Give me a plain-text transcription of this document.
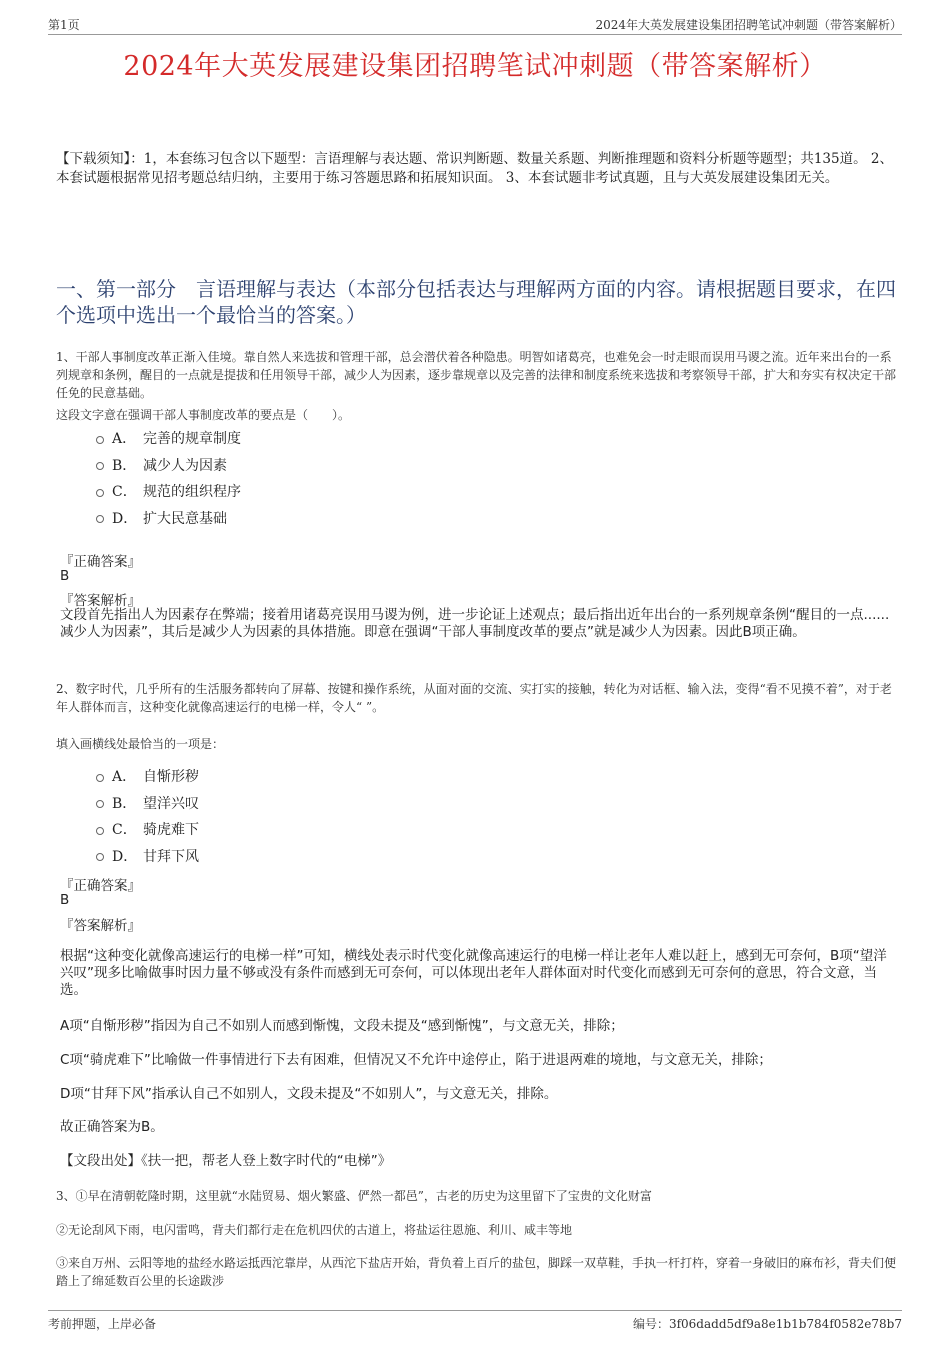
第1页	2024年大英发展建设集团招聘笔试冲刺题（带答案解析）
2024年大英发展建设集团招聘笔试冲刺题（带答案解析）
【下载须知】：1，本套练习包含以下题型：言语理解与表达题、常识判断题、数量关系题、判断推理题和资料分析题等题型；共135道。 2、本套试题根据常见招考题总结归纳，主要用于练习答题思路和拓展知识面。 3、本套试题非考试真题，且与大英发展建设集团无关。
一、第一部分　言语理解与表达（本部分包括表达与理解两方面的内容。请根据题目要求，在四个选项中选出一个最恰当的答案。）
1、干部人事制度改革正渐入佳境。靠自然人来选拔和管理干部，总会潜伏着各种隐患。明智如诸葛亮，也难免会一时走眼而误用马谡之流。近年来出台的一系列规章和条例，醒目的一点就是提拔和任用领导干部，减少人为因素，逐步靠规章以及完善的法律和制度系统来选拔和考察领导干部，扩大和夯实有权决定干部任免的民意基础。
这段文字意在强调干部人事制度改革的要点是（　　）。
A． 完善的规章制度
B． 减少人为因素
C． 规范的组织程序
D． 扩大民意基础
『正确答案』
B
『答案解析』
文段首先指出人为因素存在弊端；接着用诸葛亮误用马谡为例，进一步论证上述观点；最后指出近年出台的一系列规章条例“醒目的一点......减少人为因素”，其后是减少人为因素的具体措施。即意在强调“干部人事制度改革的要点”就是减少人为因素。因此B项正确。
2、数字时代，几乎所有的生活服务都转向了屏幕、按键和操作系统，从面对面的交流、实打实的接触，转化为对话框、输入法，变得“看不见摸不着”，对于老年人群体而言，这种变化就像高速运行的电梯一样，令人“ ”。
填入画横线处最恰当的一项是：
A． 自惭形秽
B． 望洋兴叹
C． 骑虎难下
D． 甘拜下风
『正确答案』
B
『答案解析』
根据“这种变化就像高速运行的电梯一样”可知，横线处表示时代变化就像高速运行的电梯一样让老年人难以赶上，感到无可奈何，B项“望洋兴叹”现多比喻做事时因力量不够或没有条件而感到无可奈何，可以体现出老年人群体面对时代变化而感到无可奈何的意思，符合文意，当选。
A项“自惭形秽”指因为自己不如别人而感到惭愧，文段未提及“感到惭愧”，与文意无关，排除；
C项“骑虎难下”比喻做一件事情进行下去有困难，但情况又不允许中途停止，陷于进退两难的境地，与文意无关，排除；
D项“甘拜下风”指承认自己不如别人，文段未提及“不如别人”，与文意无关，排除。
故正确答案为B。
【文段出处】《扶一把，帮老人登上数字时代的“电梯”》
3、①早在清朝乾隆时期，这里就“水陆贸易、烟火繁盛、俨然一都邑”，古老的历史为这里留下了宝贵的文化财富
②无论刮风下雨，电闪雷鸣，背夫们都行走在危机四伏的古道上，将盐运往恩施、利川、咸丰等地
③来自万州、云阳等地的盐经水路运抵西沱靠岸，从西沱下盐店开始，背负着上百斤的盐包，脚踩一双草鞋，手执一杆打杵，穿着一身破旧的麻布衫，背夫们便踏上了绵延数百公里的长途跋涉
考前押题，上岸必备	编号：3f06dadd5df9a8e1b1b784f0582e78b7
